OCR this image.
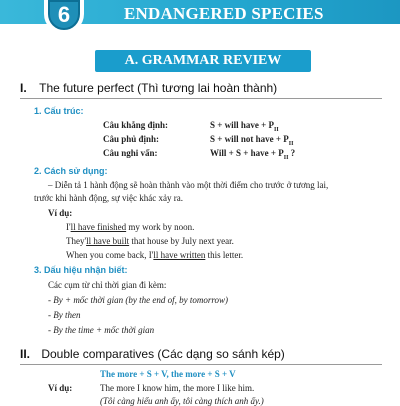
6	ENDANGERED SPECIES
A. GRAMMAR REVIEW
I. The future perfect (Thì tương lai hoàn thành)
1. Cấu trúc:
Câu khẳng định:	S + will have + $P_{II}$
Câu phủ định:	S + will not have + $P_{II}$
Câu nghi vấn:	Will + S + have + $P_{II}$ ?
2. Cách sử dụng:
– Diễn tả 1 hành động sẽ hoàn thành vào một thời điểm cho trước ở tương lai,
trước khi hành động, sự việc khác xảy ra.
Ví dụ:
I'll have finished my work by noon.
They'll have built that house by July next year.
When you come back, I'll have written this letter.
3. Dấu hiệu nhận biết:
Các cụm từ chỉ thời gian đi kèm:
- By + mốc thời gian (by the end of, by tomorrow)
- By then
- By the time + mốc thời gian
II. Double comparatives (Các dạng so sánh kép)
The more + S + V, the more + S + V
Ví dụ:	The more I know him, the more I like him.
(Tôi càng hiểu anh ấy, tôi càng thích anh ấy.)
